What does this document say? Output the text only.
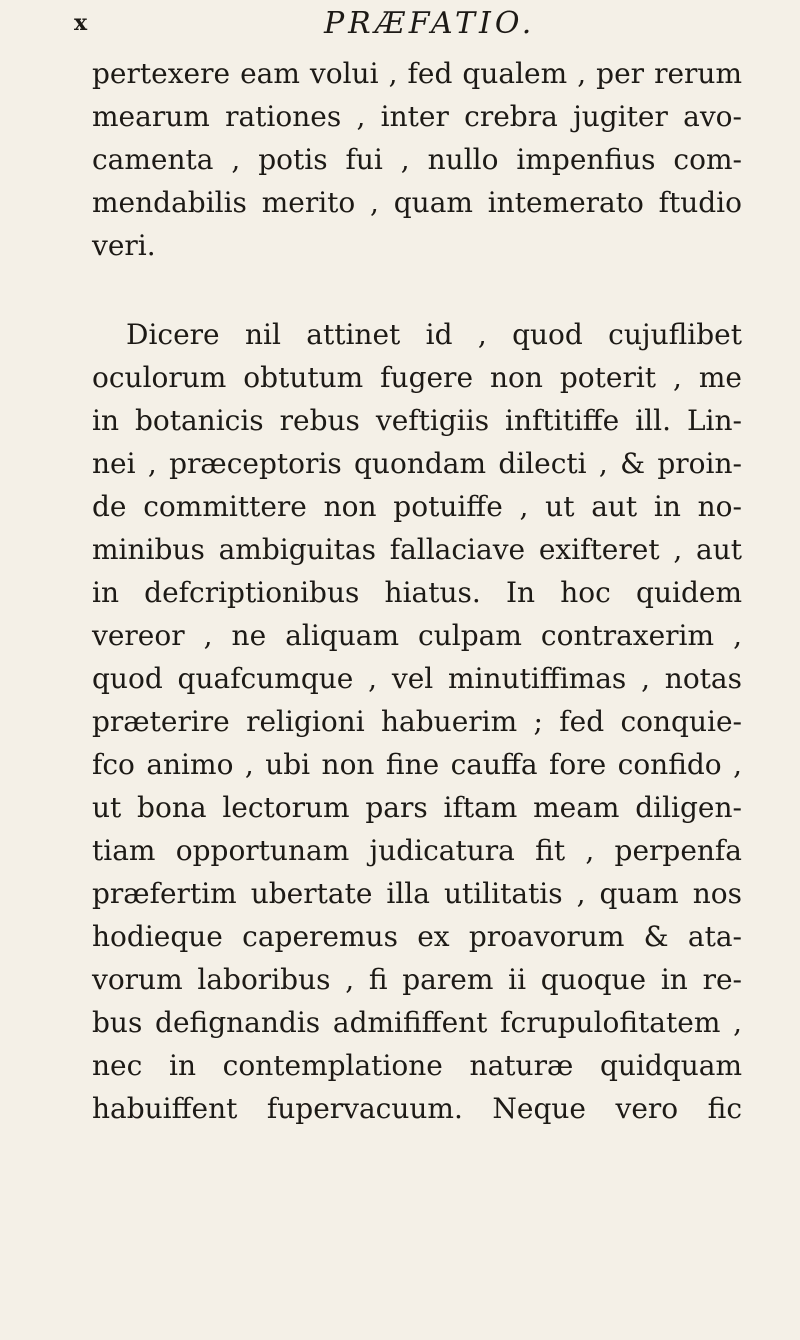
x	PRÆFATIO.
pertexere eam volui , fed qualem , per rerum
mearum rationes , inter crebra jugiter avo-
camenta , potis fui , nullo impenfius com-
mendabilis merito , quam intemerato ftudio
veri.
Dicere nil attinet id , quod cujuflibet
oculorum obtutum fugere non poterit , me
in botanicis rebus veftigiis inftitiffe ill. Lin-
nei , præceptoris quondam dilecti , & proin-
de committere non potuiffe , ut aut in no-
minibus ambiguitas fallaciave exifteret , aut
in defcriptionibus hiatus. In hoc quidem
vereor , ne aliquam culpam contraxerim ,
quod quafcumque , vel minutiffimas , notas
præterire religioni habuerim ; fed conquie-
fco animo , ubi non fine cauffa fore confido ,
ut bona lectorum pars iftam meam diligen-
tiam opportunam judicatura fit , perpenfa
præfertim ubertate illa utilitatis , quam nos
hodieque caperemus ex proavorum & ata-
vorum laboribus , fi parem ii quoque in re-
bus defignandis admififfent fcrupulofitatem ,
nec in contemplatione naturæ quidquam
habuiffent fupervacuum. Neque vero fic
